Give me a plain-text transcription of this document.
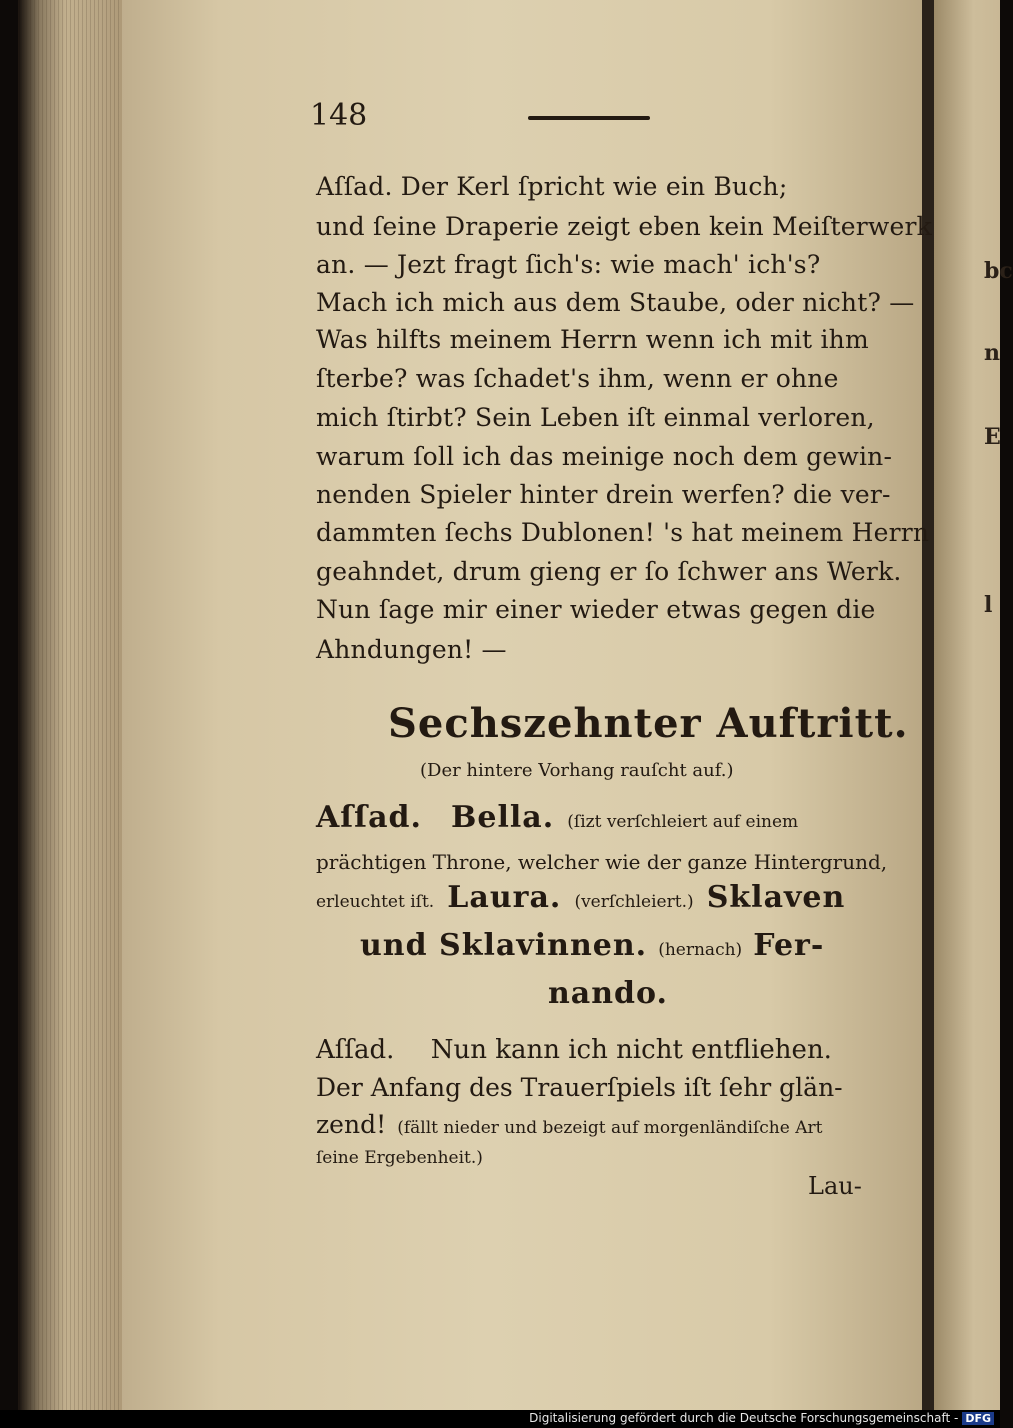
bc
n
E
l
148
Aſſad. Der Kerl ſpricht wie ein Buch;
und ſeine Draperie zeigt eben kein Meiſterwerk
an. — Jezt fragt ſich's: wie mach' ich's?
Mach ich mich aus dem Staube, oder nicht? —
Was hilfts meinem Herrn wenn ich mit ihm
ſterbe? was ſchadet's ihm, wenn er ohne
mich ſtirbt? Sein Leben iſt einmal verloren,
warum ſoll ich das meinige noch dem gewin-
nenden Spieler hinter drein werfen? die ver-
dammten ſechs Dublonen! 's hat meinem Herrn
geahndet, drum gieng er ſo ſchwer ans Werk.
Nun ſage mir einer wieder etwas gegen die
Ahndungen! —
Sechszehnter Auftritt.
(Der hintere Vorhang rauſcht auf.)
Aſſad. Bella. (ſizt verſchleiert auf einem
prächtigen Throne, welcher wie der ganze Hintergrund,
erleuchtet iſt. Laura. (verſchleiert.) Sklaven
und Sklavinnen. (hernach) Fer-
nando.
Aſſad. Nun kann ich nicht entfliehen.
Der Anfang des Trauerſpiels iſt ſehr glän-
zend! (fällt nieder und bezeigt auf morgenländiſche Art
ſeine Ergebenheit.)
Lau-
Digitalisierung gefördert durch die Deutsche Forschungsgemeinschaft - DFG
